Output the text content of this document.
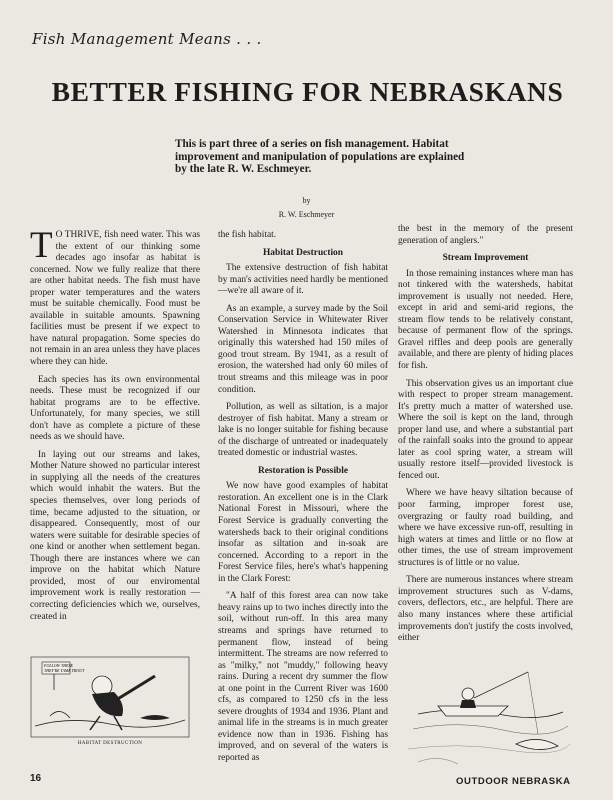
Fish Management Means . . .
BETTER FISHING FOR NEBRASKANS
This is part three of a series on fish management. Habitat improvement and manipulation of populations are explained by the late R. W. Eschmeyer.
by
R. W. Eschmeyer

T O THRIVE, fish need water. This was the extent of our thinking some decades ago insofar as habitat is concerned. Now we fully realize that there are other habitat needs. The fish must have proper water temperatures and the waters must be suitable chemically. Food must be available in suitable amounts. Spawning facilities must be present if we expect to have natural propagation. Some species do not remain in an area unless they have places where they can hide.

Each species has its own environmental needs. These must be recognized if our habitat programs are to be effective. Unfortunately, for many species, we still don't have as complete a picture of these needs as we should have.

In laying out our streams and lakes, Mother Nature showed no particular interest in supplying all the needs of the creatures which would inhabit the waters. But the species themselves, over long periods of time, became adjusted to the situation, or disappeared. Consequently, most of our waters were suitable for desirable species of one kind or another when settlement began. Though there are instances where we can improve on the habitat which Nature provided, most of our enviromental improvement work is really restoration — correcting deficiencies which we, ourselves, created in

the fish habitat.

Habitat Destruction

The extensive destruction of fish habitat by man's activities need hardly be mentioned—we're all aware of it.

As an example, a survey made by the Soil Conservation Service in Whitewater River Watershed in Minnesota indicates that originally this watershed had 150 miles of good trout stream. By 1941, as a result of erosion, the watershed had only 60 miles of trout streams and this mileage was in poor condition.

Pollution, as well as siltation, is a major destroyer of fish habitat. Many a stream or lake is no longer suitable for fishing because of the discharge of untreated or inadequately treated domestic or industrial wastes.

Restoration is Possible

We now have good examples of habitat restoration. An excellent one is in the Clark National Forest in Missouri, where the Forest Service is gradually converting the watersheds back to their original conditions insofar as siltation and in-soak are concerned. According to a report in the Forest Service files, here's what's happening in the Clark Forest:

"A half of this forest area can now take heavy rains up to two inches directly into the soil, without run-off. In this area many streams and springs have returned to permanent flow, instead of being intermittent. The streams are now referred to as "milky," not "muddy," following heavy rains. During a recent dry summer the flow at one point in the Current River was 1600 cfs, as compared to 1250 cfs in the less severe droughts of 1934 and 1936. Plant and animal life in the streams is in much greater evidence now than in 1936. Fishing has improved, and on several of the waters is reported as

the best in the memory of the present generation of anglers."

Stream Improvement

In those remaining instances where man has not tinkered with the watersheds, habitat improvement is usually not needed. Here, except in arid and semi-arid regions, the stream flow tends to be relatively constant, because of permanent flow of the springs. Gravel riffles and deep pools are generally available, and there are plenty of hiding places for fish.

This observation gives us an important clue with respect to proper stream management. It's pretty much a matter of watershed use. Where the soil is kept on the land, through proper land use, and where a substantial part of the rainfall soaks into the ground to appear later as cool spring water, a stream will usually restore itself—provided livestock is fenced out.

Where we have heavy siltation because of poor farming, improper forest use, overgrazing or faulty road building, and where we have excessive run-off, resulting in high waters at times and little or no flow at other times, the use of stream improvement structures is of little or no value.

There are numerous instances where stream improvement structures such as V-dams, covers, deflectors, etc., are helpful. There are also many instances where these artificial improvements don't justify the costs involved, either

FOLLOW THESE
THEY'RE TAME TROUT
HABITAT DESTRUCTION
16	OUTDOOR NEBRASKA
